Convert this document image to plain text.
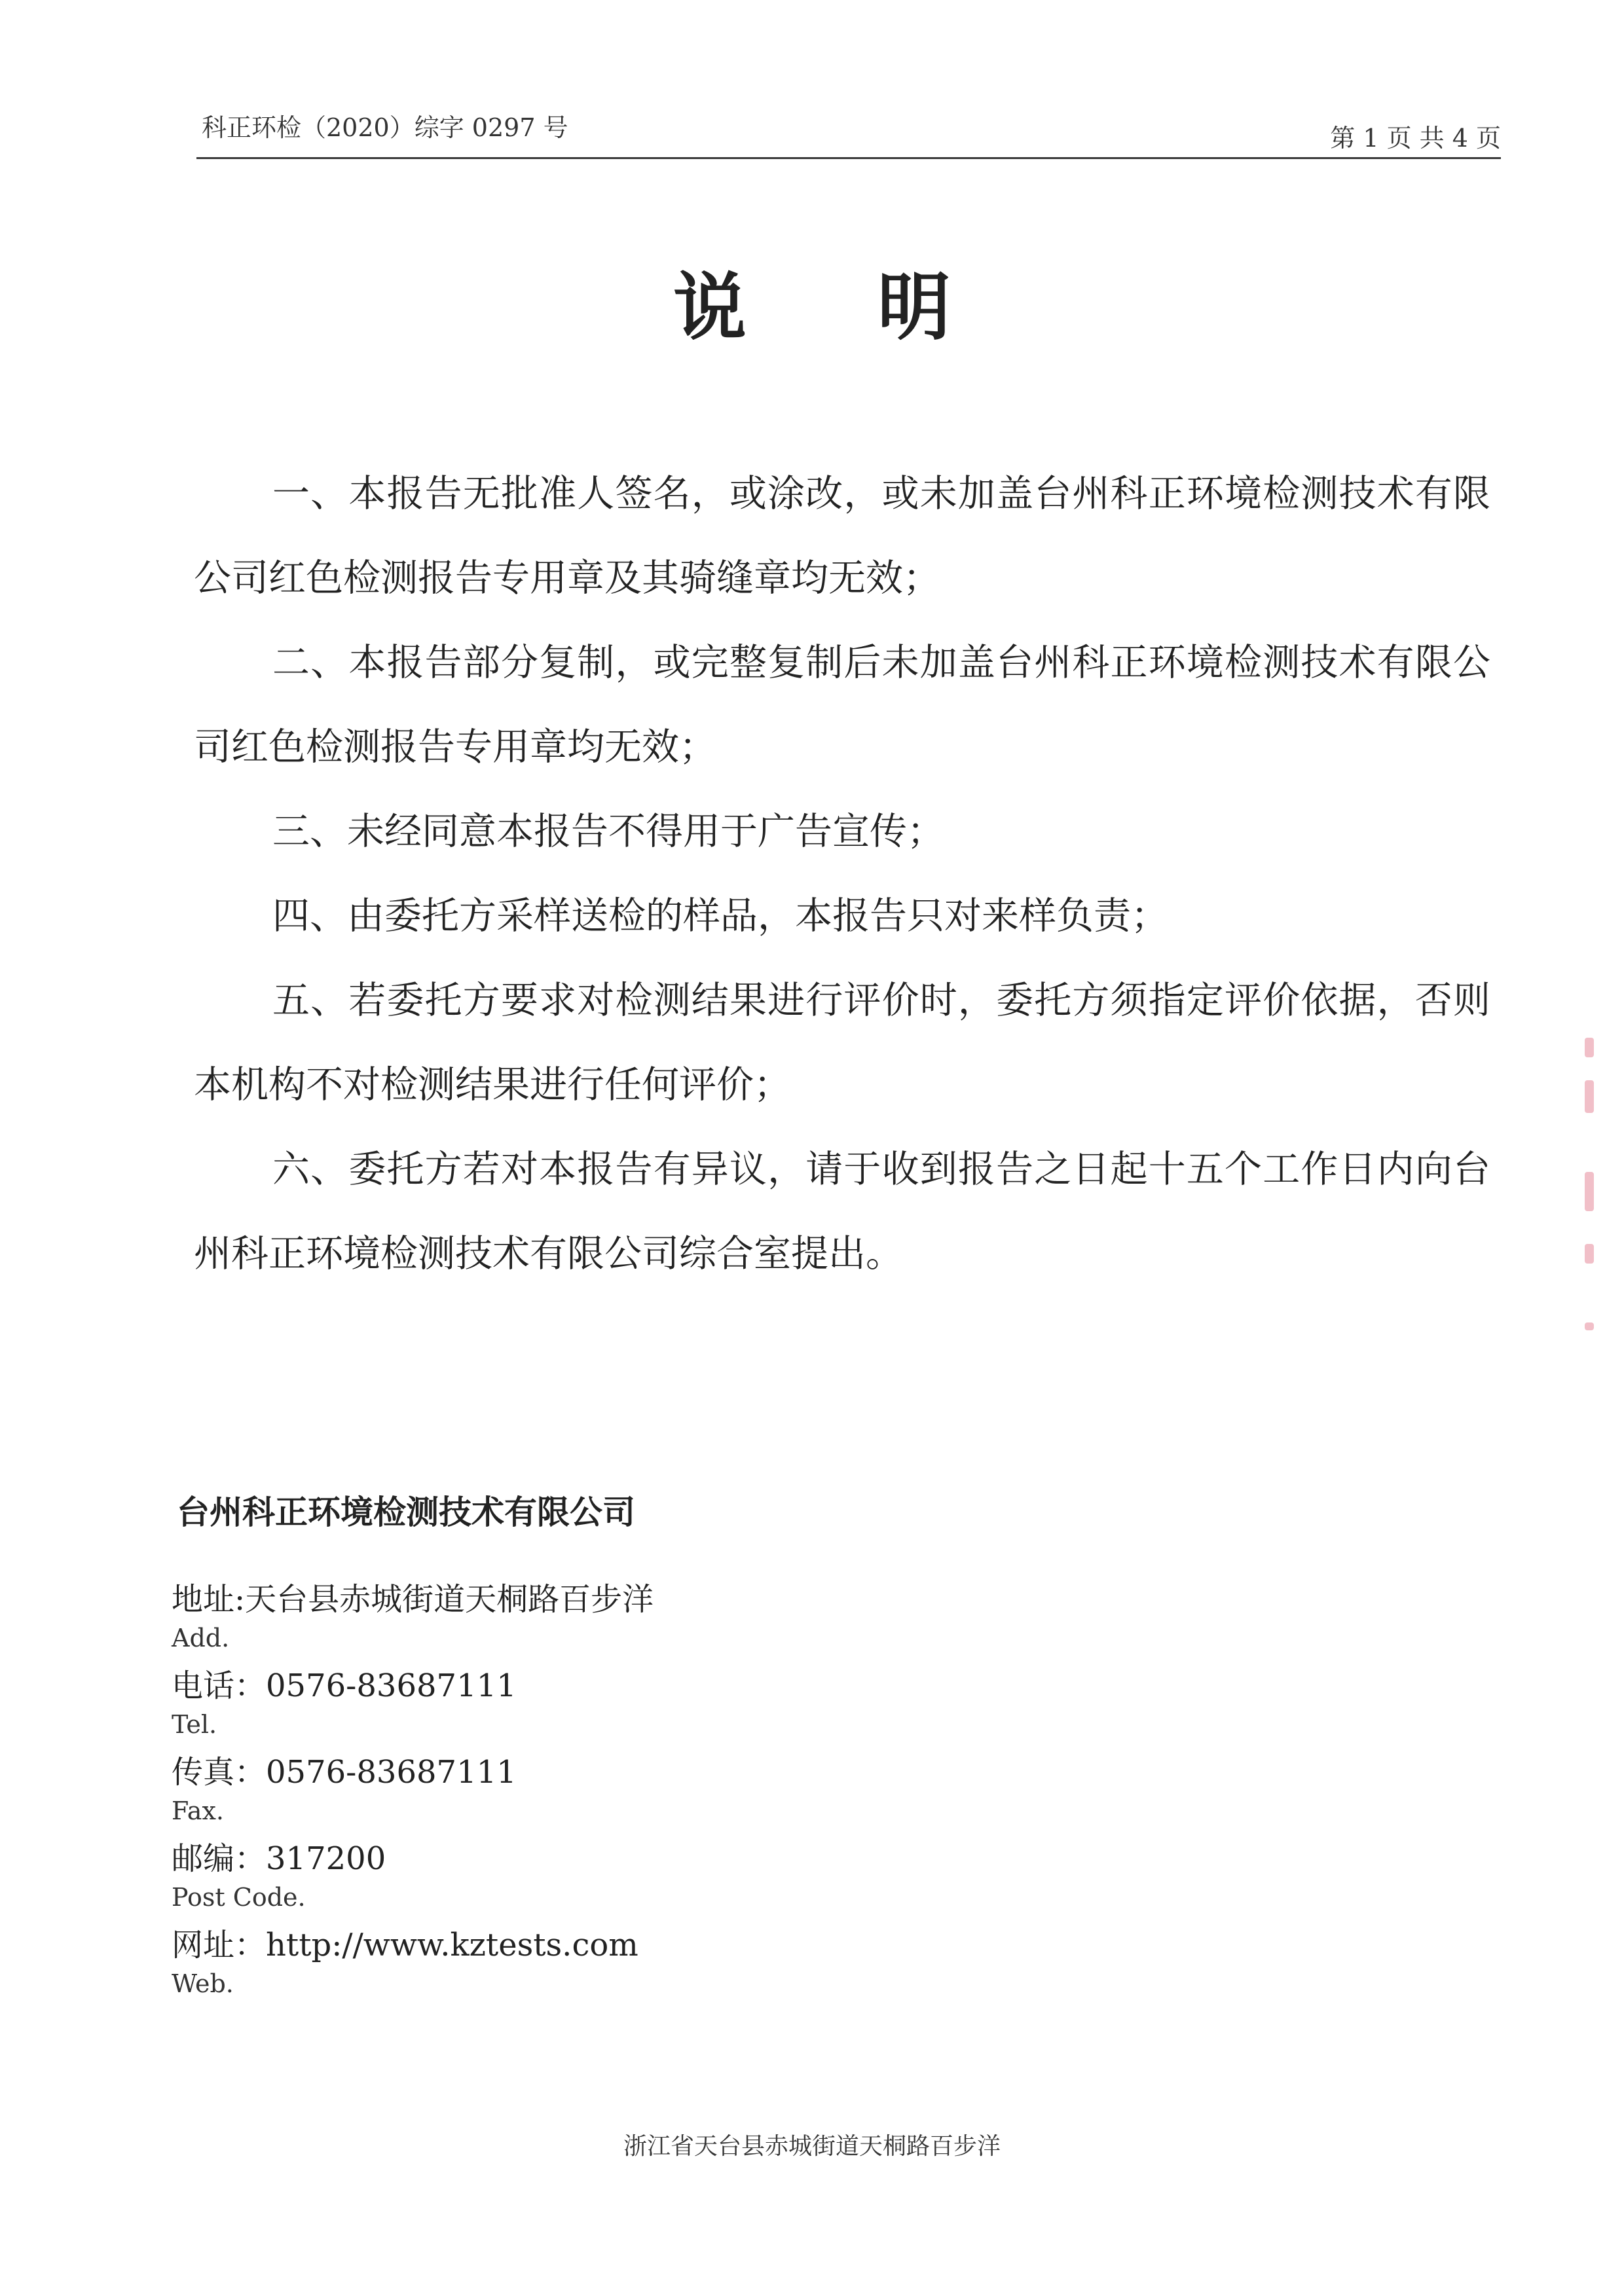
科正环检（2020）综字 0297 号	第 1 页 共 4 页
说明

一、本报告无批准人签名，或涂改，或未加盖台州科正环境检测技术有限公司红色检测报告专用章及其骑缝章均无效；

二、本报告部分复制，或完整复制后未加盖台州科正环境检测技术有限公司红色检测报告专用章均无效；

三、未经同意本报告不得用于广告宣传；

四、由委托方采样送检的样品，本报告只对来样负责；

五、若委托方要求对检测结果进行评价时，委托方须指定评价依据，否则本机构不对检测结果进行任何评价；

六、委托方若对本报告有异议，请于收到报告之日起十五个工作日内向台州科正环境检测技术有限公司综合室提出。

台州科正环境检测技术有限公司
地址:天台县赤城街道天桐路百步洋
Add.
电话：0576-83687111
Tel.
传真：0576-83687111
Fax.
邮编：317200
Post Code.
网址：http://www.kztests.com
Web.
浙江省天台县赤城街道天桐路百步洋
